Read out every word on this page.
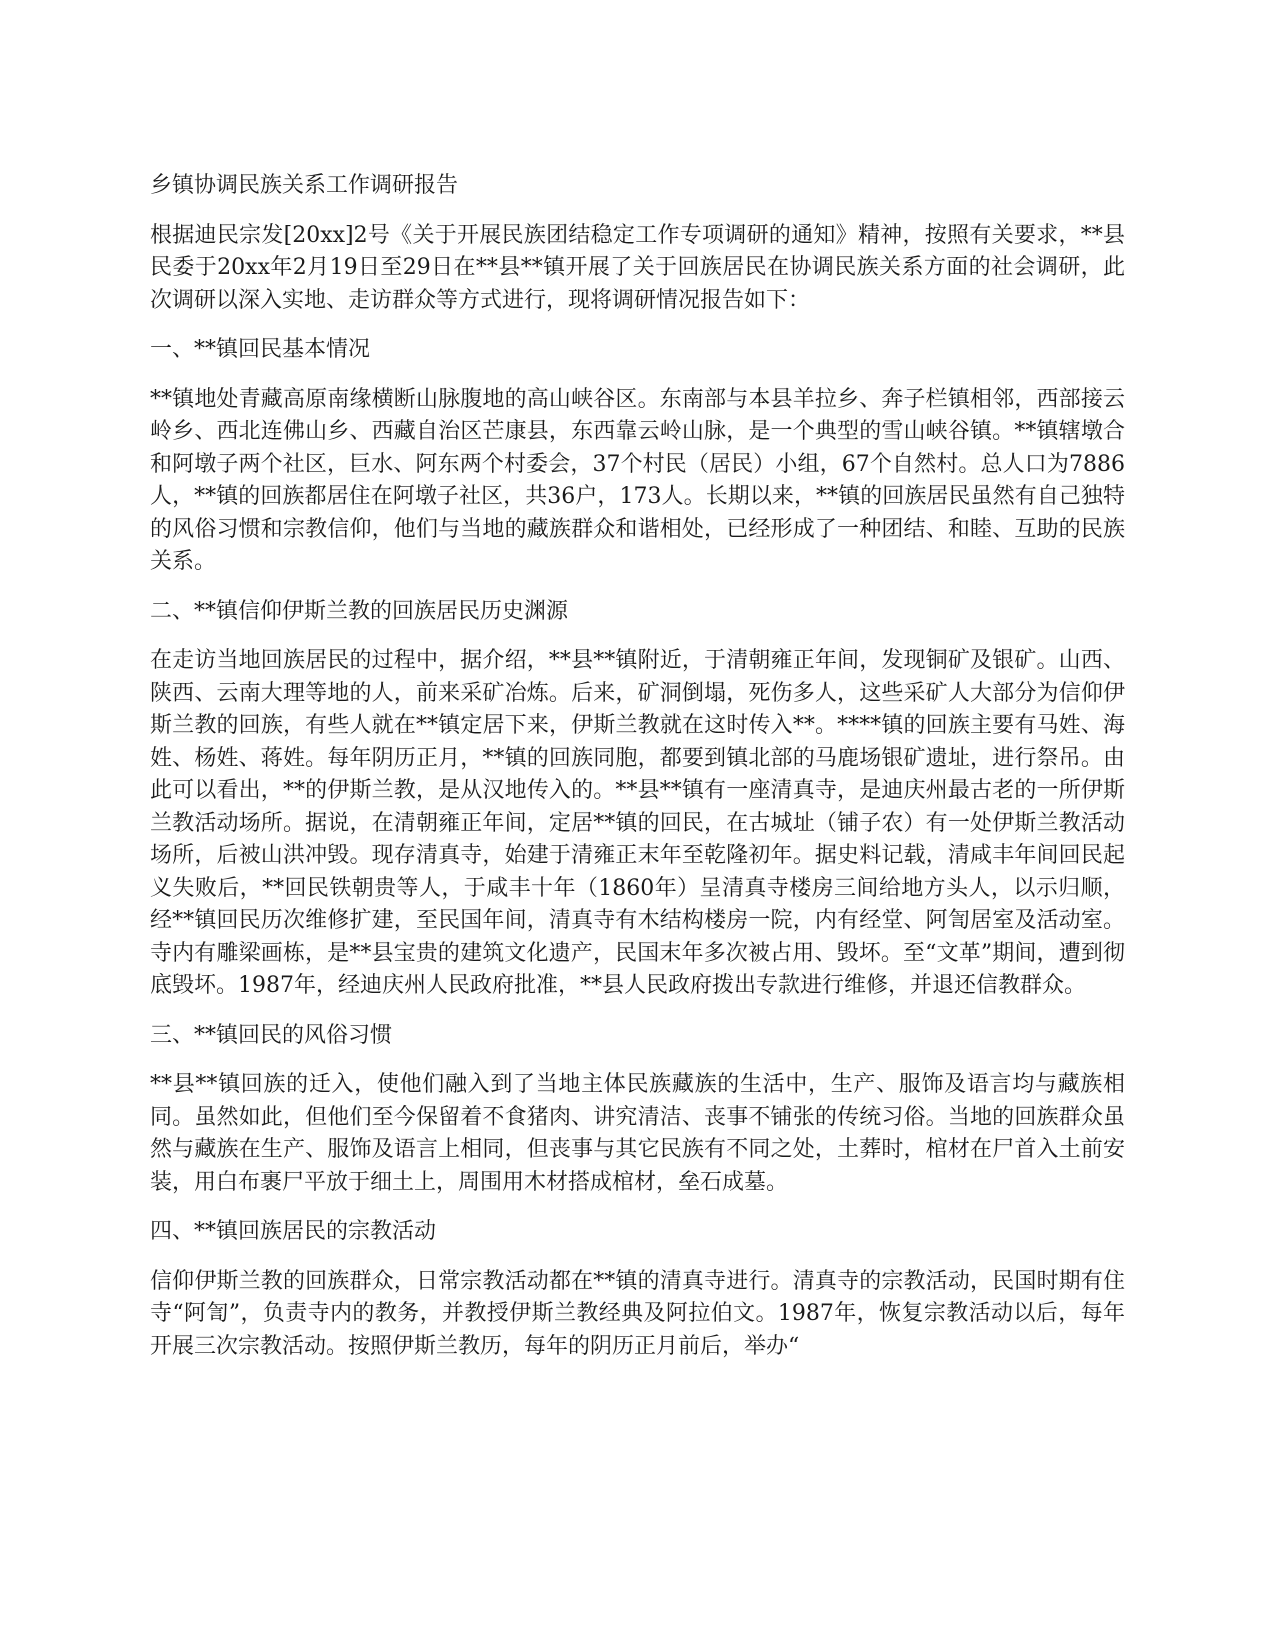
乡镇协调民族关系工作调研报告

根据迪民宗发[20xx]2号《关于开展民族团结稳定工作专项调研的通知》精神，按照有关要求，**县民委于20xx年2月19日至29日在**县**镇开展了关于回族居民在协调民族关系方面的社会调研，此次调研以深入实地、走访群众等方式进行，现将调研情况报告如下：

一、**镇回民基本情况

**镇地处青藏高原南缘横断山脉腹地的高山峡谷区。东南部与本县羊拉乡、奔子栏镇相邻，西部接云岭乡、西北连佛山乡、西藏自治区芒康县，东西靠云岭山脉，是一个典型的雪山峡谷镇。**镇辖墩合和阿墩子两个社区，巨水、阿东两个村委会，37个村民（居民）小组，67个自然村。总人口为7886人，**镇的回族都居住在阿墩子社区，共36户，173人。长期以来，**镇的回族居民虽然有自己独特的风俗习惯和宗教信仰，他们与当地的藏族群众和谐相处，已经形成了一种团结、和睦、互助的民族关系。

二、**镇信仰伊斯兰教的回族居民历史渊源

在走访当地回族居民的过程中，据介绍，**县**镇附近，于清朝雍正年间，发现铜矿及银矿。山西、陕西、云南大理等地的人，前来采矿冶炼。后来，矿洞倒塌，死伤多人，这些采矿人大部分为信仰伊斯兰教的回族，有些人就在**镇定居下来，伊斯兰教就在这时传入**。****镇的回族主要有马姓、海姓、杨姓、蒋姓。每年阴历正月，**镇的回族同胞，都要到镇北部的马鹿场银矿遗址，进行祭吊。由此可以看出，**的伊斯兰教，是从汉地传入的。**县**镇有一座清真寺，是迪庆州最古老的一所伊斯兰教活动场所。据说，在清朝雍正年间，定居**镇的回民，在古城址（铺子农）有一处伊斯兰教活动场所，后被山洪冲毁。现存清真寺，始建于清雍正末年至乾隆初年。据史料记载，清咸丰年间回民起义失败后，**回民铁朝贵等人，于咸丰十年（1860年）呈清真寺楼房三间给地方头人，以示归顺，经**镇回民历次维修扩建，至民国年间，清真寺有木结构楼房一院，内有经堂、阿訇居室及活动室。寺内有雕梁画栋，是**县宝贵的建筑文化遗产，民国末年多次被占用、毁坏。至“文革”期间，遭到彻底毁坏。1987年，经迪庆州人民政府批准，**县人民政府拨出专款进行维修，并退还信教群众。

三、**镇回民的风俗习惯

**县**镇回族的迁入，使他们融入到了当地主体民族藏族的生活中，生产、服饰及语言均与藏族相同。虽然如此，但他们至今保留着不食猪肉、讲究清洁、丧事不铺张的传统习俗。当地的回族群众虽然与藏族在生产、服饰及语言上相同，但丧事与其它民族有不同之处，土葬时，棺材在尸首入土前安装，用白布裹尸平放于细土上，周围用木材搭成棺材，垒石成墓。

四、**镇回族居民的宗教活动

信仰伊斯兰教的回族群众，日常宗教活动都在**镇的清真寺进行。清真寺的宗教活动，民国时期有住寺“阿訇”，负责寺内的教务，并教授伊斯兰教经典及阿拉伯文。1987年，恢复宗教活动以后，每年开展三次宗教活动。按照伊斯兰教历，每年的阴历正月前后，举办“
